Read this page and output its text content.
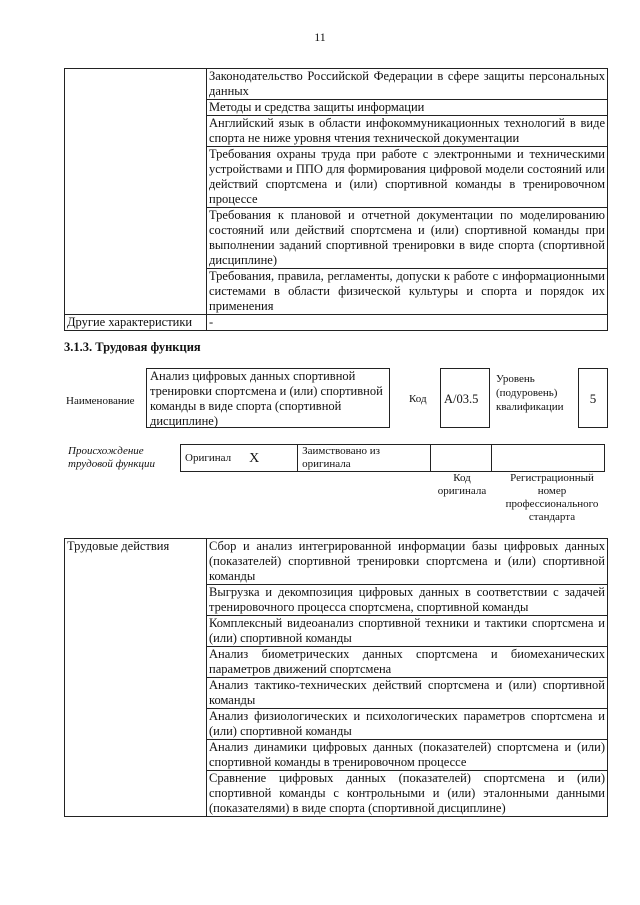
11
	Законодательство Российской Федерации в сфере защиты персональных данных
	Методы и средства защиты информации
	Английский язык в области инфокоммуникационных технологий в виде спорта не ниже уровня чтения технической документации
	Требования охраны труда при работе с электронными и техническими устройствами и ППО для формирования цифровой модели состояний или действий спортсмена и (или) спортивной команды в тренировочном процессе
	Требования к плановой и отчетной документации по моделированию состояний или действий спортсмена и (или) спортивной команды при выполнении заданий спортивной тренировки в виде спорта (спортивной дисциплине)
	Требования, правила, регламенты, допуски к работе с информационными системами в области физической культуры и спорта и порядок их применения
Другие характеристики	-
3.1.3. Трудовая функция
Наименование
Анализ цифровых данных спортивной тренировки спортсмена и (или) спортивной команды в виде спорта (спортивной дисциплине)
Код	А/03.5
Уровень (подуровень) квалификации
5
Происхождение трудовой функции
Оригинал	X	Заимствовано из оригинала		
Код оригинала
Регистрационный номер профессионального стандарта
Трудовые действия	Сбор и анализ интегрированной информации базы цифровых данных (показателей) спортивной тренировки спортсмена и (или) спортивной команды
Выгрузка и декомпозиция цифровых данных в соответствии с задачей тренировочного процесса спортсмена, спортивной команды
Комплексный видеоанализ спортивной техники и тактики спортсмена и (или) спортивной команды
Анализ биометрических данных спортсмена и биомеханических параметров движений спортсмена
Анализ тактико-технических действий спортсмена и (или) спортивной команды
Анализ физиологических и психологических параметров спортсмена и (или) спортивной команды
Анализ динамики цифровых данных (показателей) спортсмена и (или) спортивной команды в тренировочном процессе
Сравнение цифровых данных (показателей) спортсмена и (или) спортивной команды с контрольными и (или) эталонными данными (показателями) в виде спорта (спортивной дисциплине)
